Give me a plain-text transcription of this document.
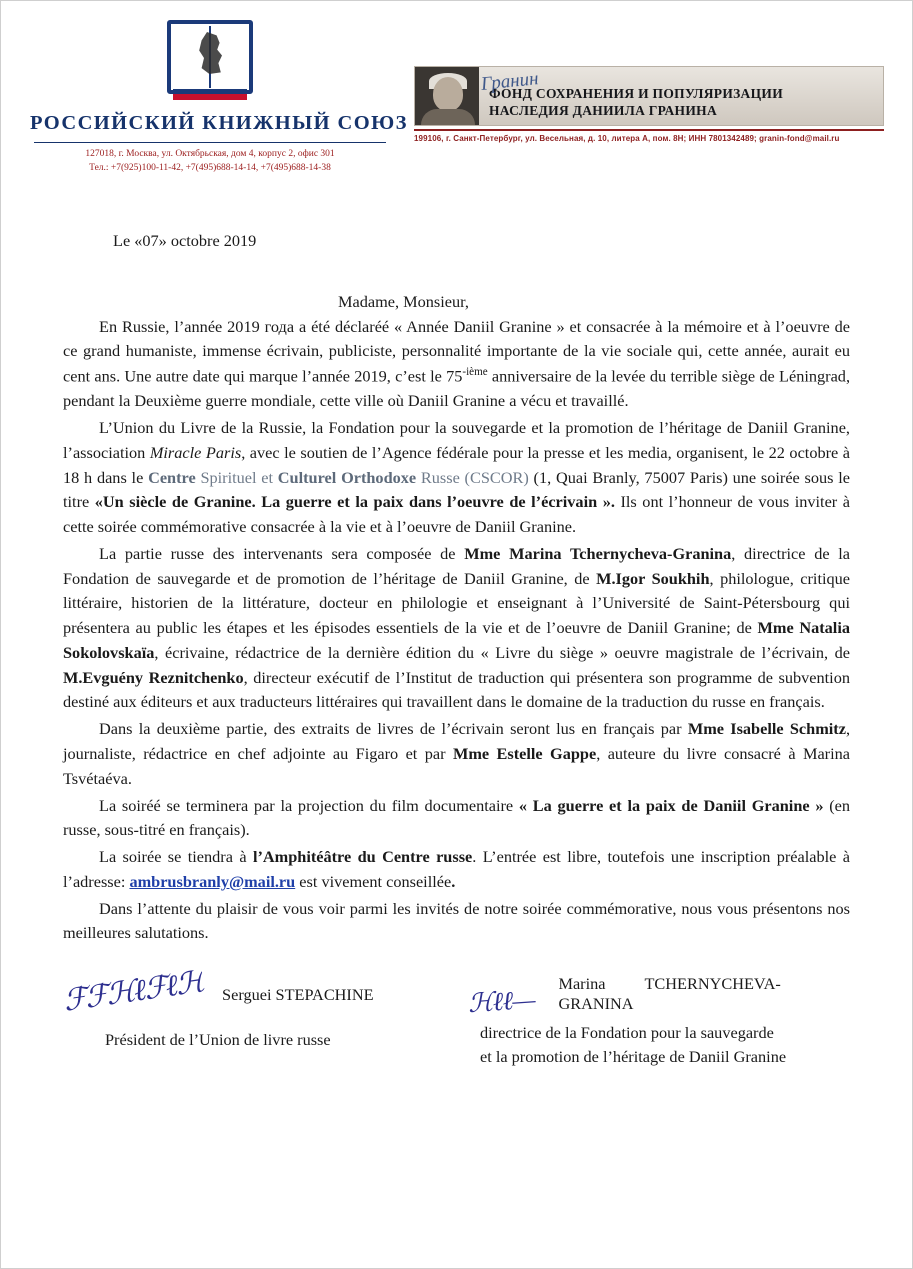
РОССИЙСКИЙ КНИЖНЫЙ СОЮЗ
127018, г. Москва, ул. Октябрьская, дом 4, корпус 2, офис 301
Тел.: +7(925)100-11-42, +7(495)688-14-14, +7(495)688-14-38
Гранин
ФОНД СОХРАНЕНИЯ И ПОПУЛЯРИЗАЦИИ
НАСЛЕДИЯ ДАНИИЛА ГРАНИНА
199106, г. Санкт-Петербург, ул. Весельная, д. 10, литера А, пом. 8Н; ИНН 7801342489; granin-fond@mail.ru
Le «07» octobre 2019
Madame, Monsieur,

En Russie, l’année 2019 года a été déclaréé « Année Daniil Granine » et consacrée à la mémoire et à l’oeuvre de ce grand humaniste, immense écrivain, publiciste, personnalité importante de la vie sociale qui, cette année, aurait eu cent ans. Une autre date qui marque l’année 2019, c’est le $75^{-ième}$ anniversaire de la levée du terrible siège de Léningrad, pendant la Deuxième guerre mondiale, cette ville où Daniil Granine a vécu et travaillé.

L’Union du Livre de la Russie, la Fondation pour la souvegarde et la promotion de l’héritage de Daniil Granine, l’association Miracle Paris, avec le soutien de l’Agence fédérale pour la presse et les media, organisent, le 22 octobre à 18 h dans le Centre Spirituel et Culturel Orthodoxe Russe (CSCOR) (1, Quai Branly, 75007 Paris) une soirée sous le titre «Un siècle de Granine. La guerre et la paix dans l’oeuvre de l’écrivain ». Ils ont l’honneur de vous inviter à cette soirée commémorative consacrée à la vie et à l’oeuvre de Daniil Granine.

La partie russe des intervenants sera composée de Mme Marina Tchernycheva-Granina, directrice de la Fondation de sauvegarde et de promotion de l’héritage de Daniil Granine, de M.Igor Soukhih, philologue, critique littéraire, historien de la littérature, docteur en philologie et enseignant à l’Université de Saint-Pétersbourg qui présentera au public les étapes et les épisodes essentiels de la vie et de l’oeuvre de Daniil Granine; de Mme Natalia Sokolovskaïa, écrivaine, rédactrice de la dernière édition du « Livre du siège » oeuvre magistrale de l’écrivain, de M.Evguény Reznitchenko, directeur exécutif de l’Institut de traduction qui présentera son programme de subvention destiné aux éditeurs et aux traducteurs littéraires qui travaillent dans le domaine de la traduction du russe en français.

Dans la deuxième partie, des extraits de livres de l’écrivain seront lus en français par Mme Isabelle Schmitz, journaliste, rédactrice en chef adjointe au Figaro et par Mme Estelle Gappe, auteure du livre consacré à Marina Tsvétaéva.

La soiréé se terminera par la projection du film documentaire « La guerre et la paix de Daniil Granine » (en russe, sous-titré en français).

La soirée se tiendra à l’Amphitéâtre du Centre russe. L’entrée est libre, toutefois une inscription préalable à l’adresse: ambrusbranly@mail.ru est vivement conseillée.

Dans l’attente du plaisir de vous voir parmi les invités de notre soirée commémorative, nous vous présentons nos meilleures salutations.

ℱℱℋℓℱℓℋ Serguei STEPACHINE
Président de l’Union de livre russe
ℋℓℓ—
Marina TCHERNYCHEVA-GRANINA
directrice de la Fondation pour la sauvegarde
et la promotion de l’héritage de Daniil Granine
